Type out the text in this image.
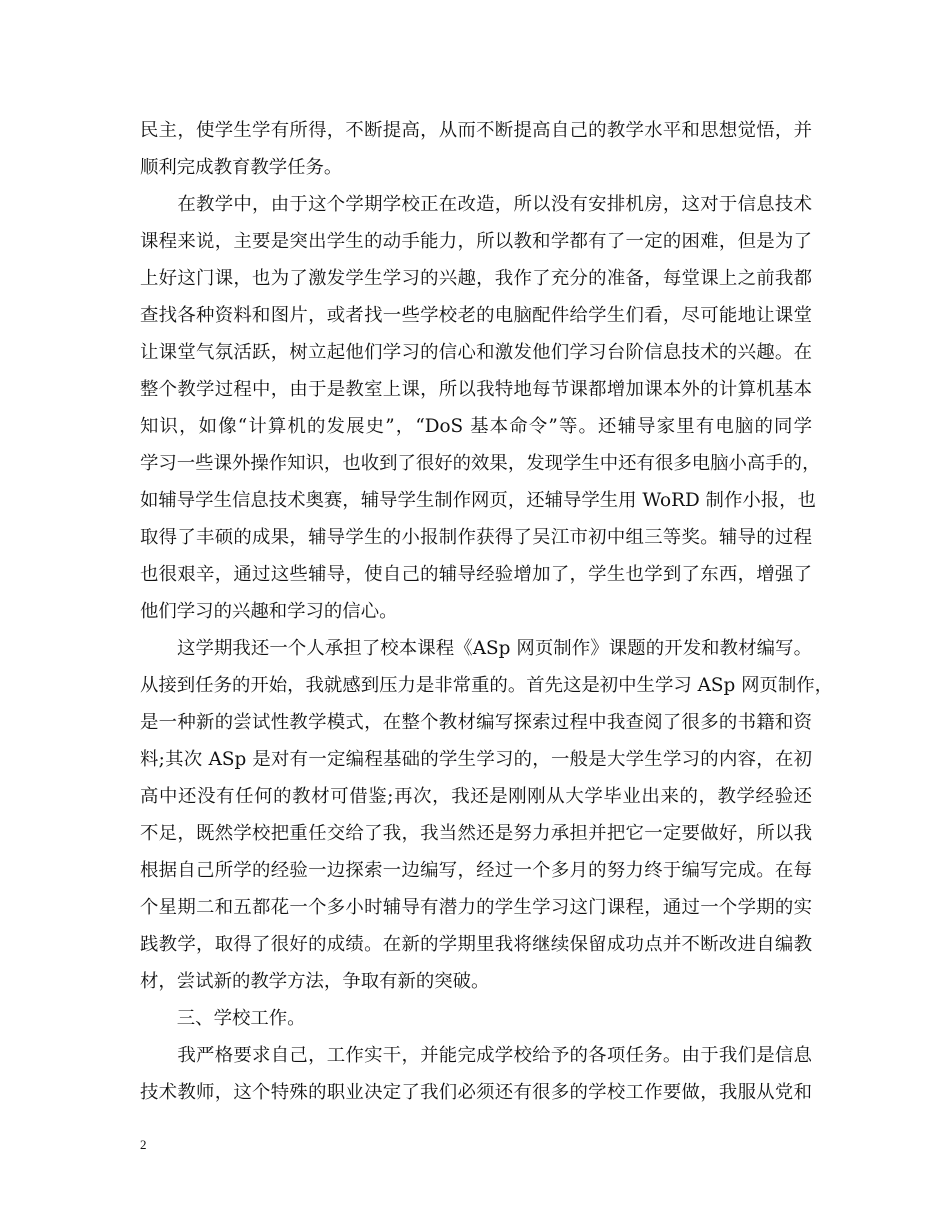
民主，使学生学有所得，不断提高，从而不断提高自己的教学水平和思想觉悟，并
顺利完成教育教学任务。
　　在教学中，由于这个学期学校正在改造，所以没有安排机房，这对于信息技术
课程来说，主要是突出学生的动手能力，所以教和学都有了一定的困难，但是为了
上好这门课，也为了激发学生学习的兴趣，我作了充分的准备，每堂课上之前我都
查找各种资料和图片，或者找一些学校老的电脑配件给学生们看，尽可能地让课堂
让课堂气氛活跃，树立起他们学习的信心和激发他们学习台阶信息技术的兴趣。在
整个教学过程中，由于是教室上课，所以我特地每节课都增加课本外的计算机基本
知识，如像“计算机的发展史”，“DoS 基本命令”等。还辅导家里有电脑的同学
学习一些课外操作知识，也收到了很好的效果，发现学生中还有很多电脑小高手的，
如辅导学生信息技术奥赛，辅导学生制作网页，还辅导学生用 WoRD 制作小报，也
取得了丰硕的成果，辅导学生的小报制作获得了吴江市初中组三等奖。辅导的过程
也很艰辛，通过这些辅导，使自己的辅导经验增加了，学生也学到了东西，增强了
他们学习的兴趣和学习的信心。
　　这学期我还一个人承担了校本课程《ASp 网页制作》课题的开发和教材编写。
从接到任务的开始，我就感到压力是非常重的。首先这是初中生学习 ASp 网页制作，
是一种新的尝试性教学模式，在整个教材编写探索过程中我查阅了很多的书籍和资
料;其次 ASp 是对有一定编程基础的学生学习的，一般是大学生学习的内容，在初
高中还没有任何的教材可借鉴;再次，我还是刚刚从大学毕业出来的，教学经验还
不足，既然学校把重任交给了我，我当然还是努力承担并把它一定要做好，所以我
根据自己所学的经验一边探索一边编写，经过一个多月的努力终于编写完成。在每
个星期二和五都花一个多小时辅导有潜力的学生学习这门课程，通过一个学期的实
践教学，取得了很好的成绩。在新的学期里我将继续保留成功点并不断改进自编教
材，尝试新的教学方法，争取有新的突破。
　　三、学校工作。
　　我严格要求自己，工作实干，并能完成学校给予的各项任务。由于我们是信息
技术教师，这个特殊的职业决定了我们必须还有很多的学校工作要做，我服从党和
2
